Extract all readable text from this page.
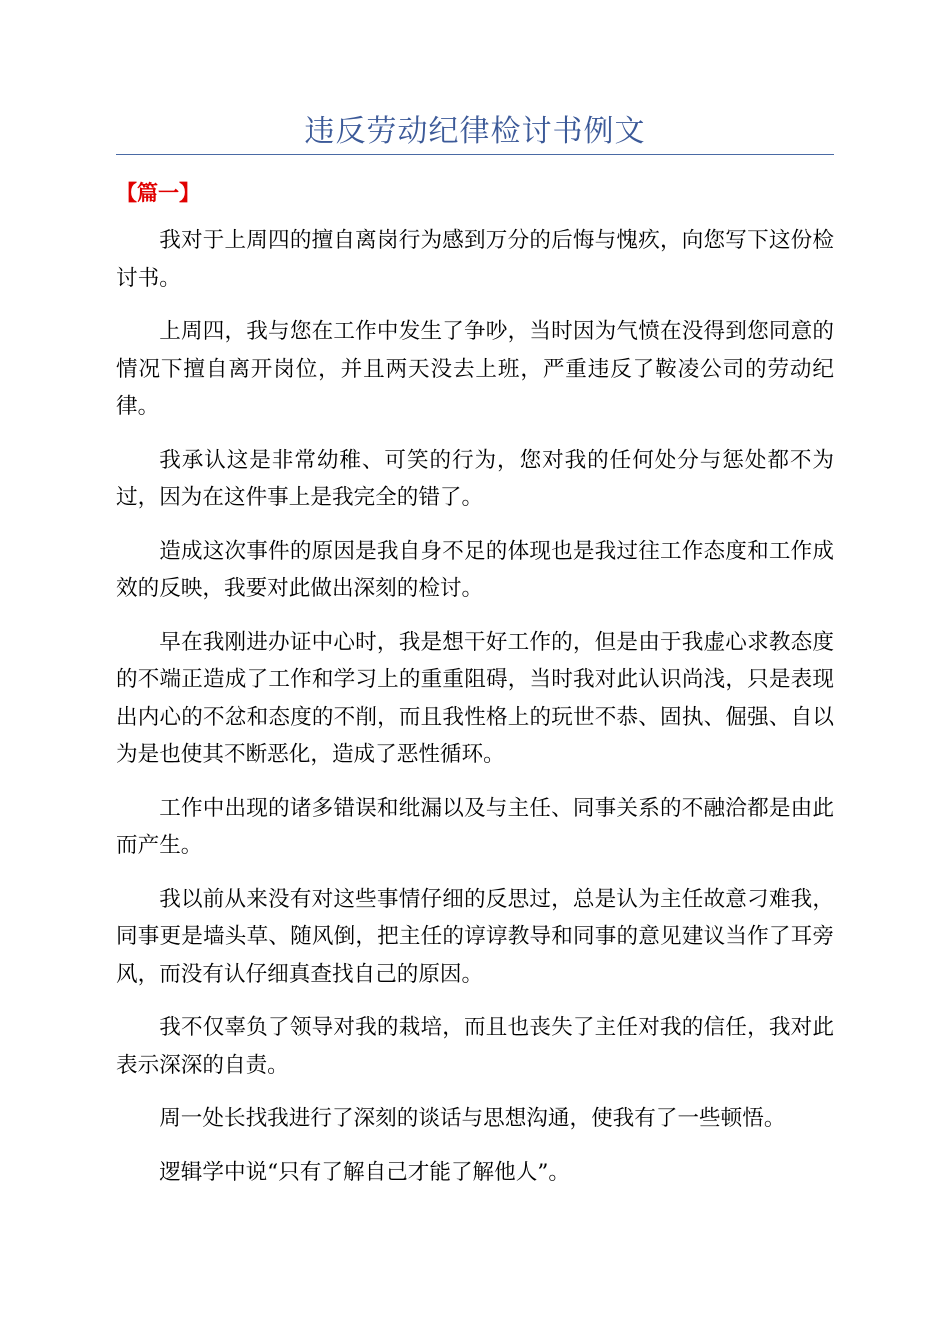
违反劳动纪律检讨书例文
【篇一】

我对于上周四的擅自离岗行为感到万分的后悔与愧疚，向您写下这份检讨书。

上周四，我与您在工作中发生了争吵，当时因为气愤在没得到您同意的情况下擅自离开岗位，并且两天没去上班，严重违反了鞍凌公司的劳动纪律。

我承认这是非常幼稚、可笑的行为，您对我的任何处分与惩处都不为过，因为在这件事上是我完全的错了。

造成这次事件的原因是我自身不足的体现也是我过往工作态度和工作成效的反映，我要对此做出深刻的检讨。

早在我刚进办证中心时，我是想干好工作的，但是由于我虚心求教态度的不端正造成了工作和学习上的重重阻碍，当时我对此认识尚浅，只是表现出内心的不忿和态度的不削，而且我性格上的玩世不恭、固执、倔强、自以为是也使其不断恶化，造成了恶性循环。

工作中出现的诸多错误和纰漏以及与主任、同事关系的不融洽都是由此而产生。

我以前从来没有对这些事情仔细的反思过，总是认为主任故意刁难我，同事更是墙头草、随风倒，把主任的谆谆教导和同事的意见建议当作了耳旁风，而没有认仔细真查找自己的原因。

我不仅辜负了领导对我的栽培，而且也丧失了主任对我的信任，我对此表示深深的自责。

周一处长找我进行了深刻的谈话与思想沟通，使我有了一些顿悟。

逻辑学中说“只有了解自己才能了解他人”。
